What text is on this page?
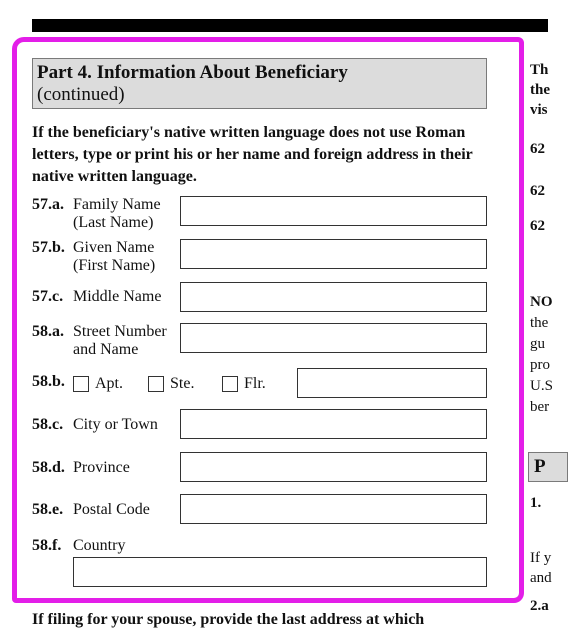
Part 4. Information About Beneficiary
(continued)
If the beneficiary's native written language does not use Roman letters, type or print his or her name and foreign address in their native written language.
57.a. Family Name
(Last Name)
57.b. Given Name
(First Name)
57.c. Middle Name
58.a. Street Number
and Name
58.b. Apt.	Ste.	Flr.
58.c. City or Town
58.d. Province
58.e. Postal Code
58.f. Country
Th
the
vis
62
62
62
NO
the
gu
pro
U.S
ber
P
1.
If y
and
2.a
If filing for your spouse, provide the last address at which
